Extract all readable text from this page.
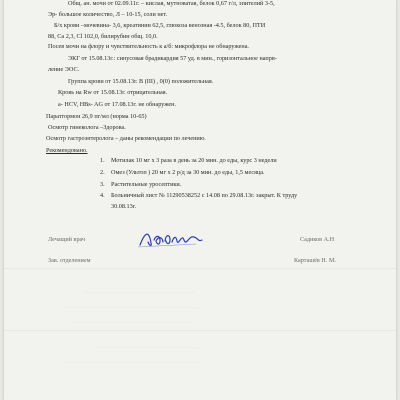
Общ. ан. мочи от 02.09.11г. – кислая, мутноватая, белок 0,67 г/л, эпителий 3-5,
Эр- большое количество, Л – 10-15, соли нет.
Б/х крови –мочевина- 3,6, креатинин 62,5, глюкоза венозная -4.5, белок 80, ПТИ
88, Са 2,3, Cl 102,0, билирубин общ. 10,0.
Посев мочи на флору и чувствительность к а/б: микрофлора не обнаружена.
ЭКГ от 15.08.13г.: синусовая брадикардия 57 уд. в мин., горизонтальное напрв-
ление ЭОС.
Группа крови от 15.08.13г. В (III) , 0(0) положительная.
Кровь на Rw от 15.08.13г. отрицательная.
а- HCV, HBs- AG от 17.08.13г. не обнаружен.
Паратгормон 26,9 пг/мл (норма 10-65)
Осмотр гинеколога –Здорова.
Осмотр гастроэнтеролога – даны рекомендации по лечению.
Рекомендовано.
1. Мотилак 10 мг х 3 раза в день за 20 мин. до еды, курс 3 недели
2. Омез (Ультоп ) 20 мг х 2 р/д за 30 мин. до еды, 1,5 месяца.
3. Растительные уросептики.
4. Больничный лист № 11290538252 с 14.08 по 29.08.13г. закрыт. К труду
30.08.13г.
Лечащий врач	Садиков А.Н
Зав. отделением	Карташёв Н. М.
— — — — — — — — — — — — — — —
— — — — — — — — — — — — — — — — — —
— — — — — — — — — — — — — — — —
— — — — — — — — — — — — — —
— — — — — — — — — — — — — — — — — —
